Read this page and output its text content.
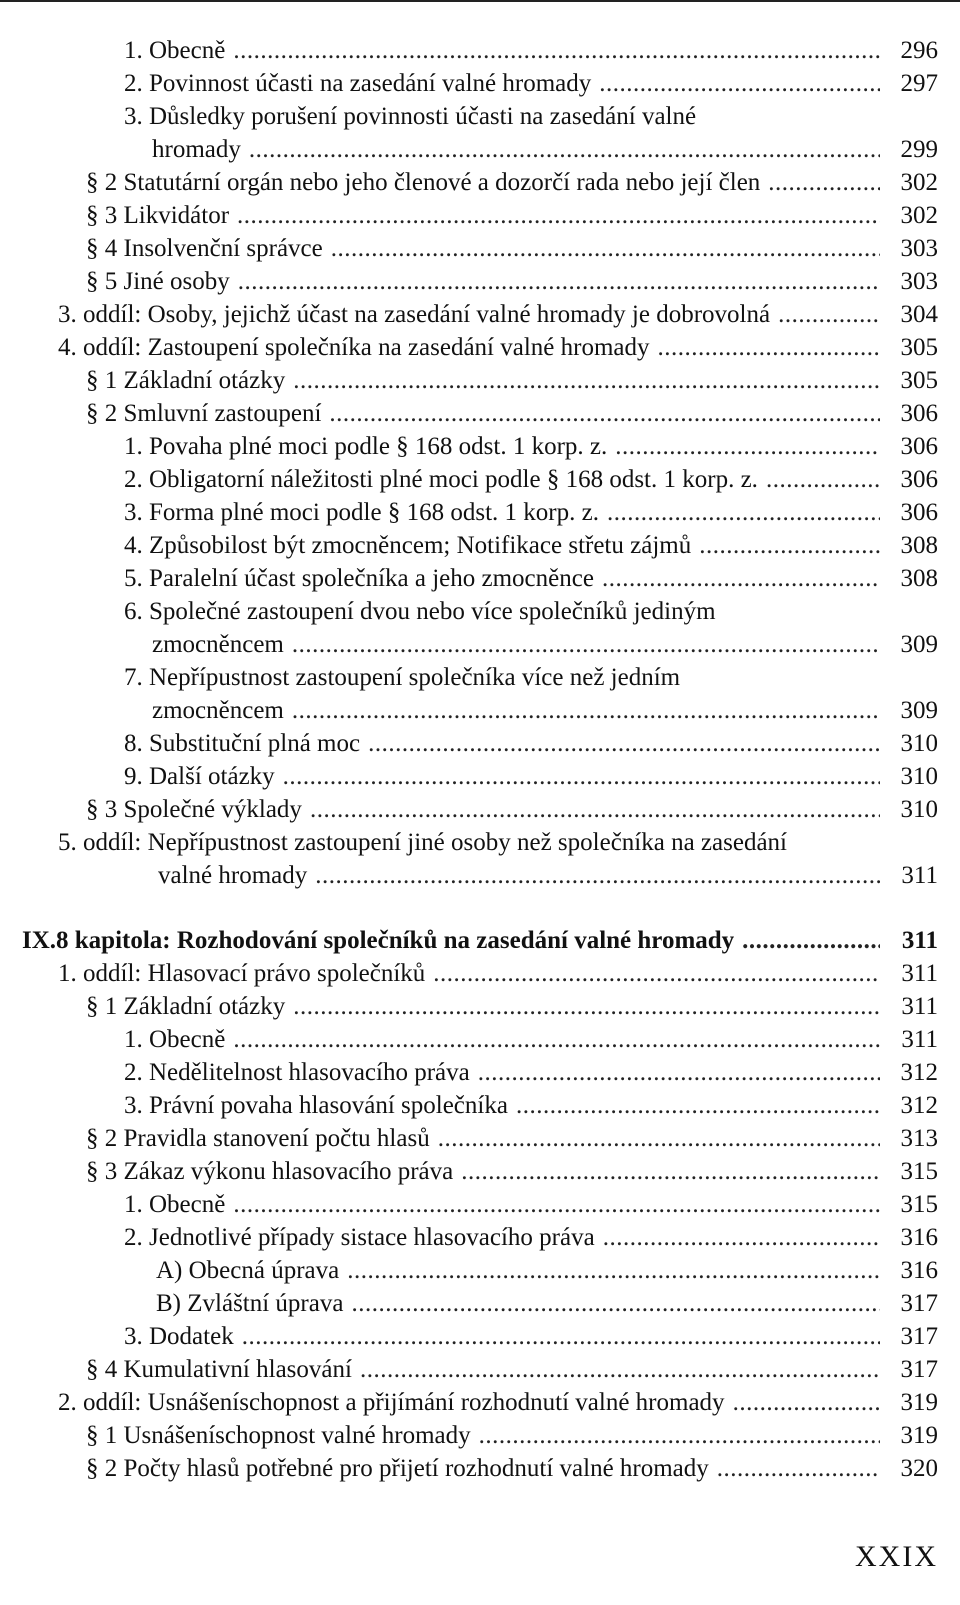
1. Obecně .....	296
2. Povinnost účasti na zasedání valné hromady .....	297
3. Důsledky porušení povinnosti účasti na zasedání valné
hromady .....	299
§ 2 Statutární orgán nebo jeho členové a dozorčí rada nebo její člen .....	302
§ 3 Likvidátor .....	302
§ 4 Insolvenční správce .....	303
§ 5 Jiné osoby .....	303
3. oddíl: Osoby, jejichž účast na zasedání valné hromady je dobrovolná .....	304
4. oddíl: Zastoupení společníka na zasedání valné hromady .....	305
§ 1 Základní otázky .....	305
§ 2 Smluvní zastoupení .....	306
1. Povaha plné moci podle § 168 odst. 1 korp. z. .....	306
2. Obligatorní náležitosti plné moci podle § 168 odst. 1 korp. z. .....	306
3. Forma plné moci podle § 168 odst. 1 korp. z. .....	306
4. Způsobilost být zmocněncem; Notifikace střetu zájmů .....	308
5. Paralelní účast společníka a jeho zmocněnce .....	308
6. Společné zastoupení dvou nebo více společníků jediným
zmocněncem .....	309
7. Nepřípustnost zastoupení společníka více než jedním
zmocněncem .....	309
8. Substituční plná moc .....	310
9. Další otázky .....	310
§ 3 Společné výklady .....	310
5. oddíl: Nepřípustnost zastoupení jiné osoby než společníka na zasedání
valné hromady .....	311
IX.8 kapitola: Rozhodování společníků na zasedání valné hromady .....	311
1. oddíl: Hlasovací právo společníků .....	311
§ 1 Základní otázky .....	311
1. Obecně .....	311
2. Nedělitelnost hlasovacího práva .....	312
3. Právní povaha hlasování společníka .....	312
§ 2 Pravidla stanovení počtu hlasů .....	313
§ 3 Zákaz výkonu hlasovacího práva .....	315
1. Obecně .....	315
2. Jednotlivé případy sistace hlasovacího práva .....	316
A) Obecná úprava .....	316
B) Zvláštní úprava .....	317
3. Dodatek .....	317
§ 4 Kumulativní hlasování .....	317
2. oddíl: Usnášeníschopnost a přijímání rozhodnutí valné hromady .....	319
§ 1 Usnášeníschopnost valné hromady .....	319
§ 2 Počty hlasů potřebné pro přijetí rozhodnutí valné hromady .....	320
XXIX
